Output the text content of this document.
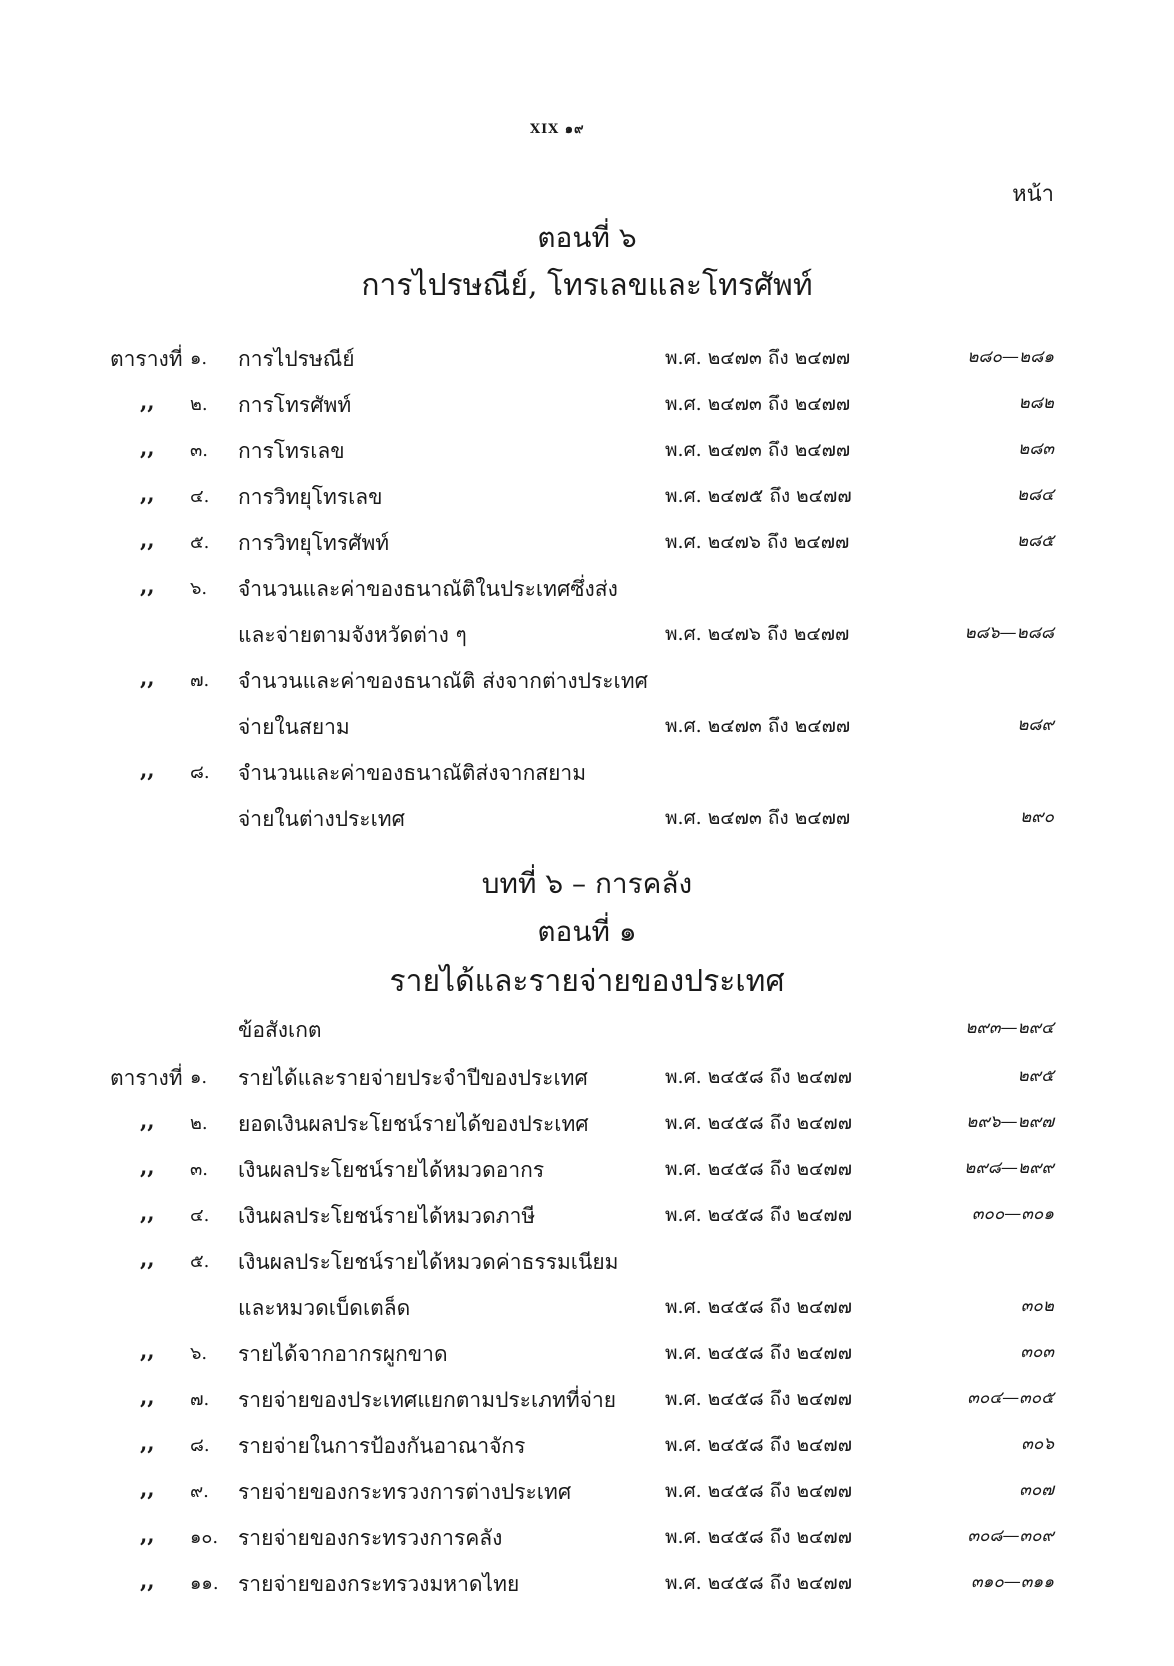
XIX ๑๙
หน้า
ตอนที่ ๖
การไปรษณีย์, โทรเลขและโทรศัพท์
ตารางที่ ๑. การไปรษณีย์	พ.ศ. ๒๔๗๓ ถึง ๒๔๗๗	๒๘๐—๒๘๑
,, ๒. การโทรศัพท์	พ.ศ. ๒๔๗๓ ถึง ๒๔๗๗	๒๘๒
,, ๓. การโทรเลข	พ.ศ. ๒๔๗๓ ถึง ๒๔๗๗	๒๘๓
,, ๔. การวิทยุโทรเลข	พ.ศ. ๒๔๗๕ ถึง ๒๔๗๗	๒๘๔
,, ๕. การวิทยุโทรศัพท์	พ.ศ. ๒๔๗๖ ถึง ๒๔๗๗	๒๘๕
,, ๖. จำนวนและค่าของธนาณัติในประเทศซึ่งส่ง
และจ่ายตามจังหวัดต่าง ๆ	พ.ศ. ๒๔๗๖ ถึง ๒๔๗๗	๒๘๖—๒๘๘
,, ๗. จำนวนและค่าของธนาณัติ ส่งจากต่างประเทศ
จ่ายในสยาม	พ.ศ. ๒๔๗๓ ถึง ๒๔๗๗	๒๘๙
,, ๘. จำนวนและค่าของธนาณัติส่งจากสยาม
จ่ายในต่างประเทศ	พ.ศ. ๒๔๗๓ ถึง ๒๔๗๗	๒๙๐
บทที่ ๖ – การคลัง
ตอนที่ ๑
รายได้และรายจ่ายของประเทศ
ข้อสังเกต	๒๙๓—๒๙๔
ตารางที่ ๑. รายได้และรายจ่ายประจำปีของประเทศ	พ.ศ. ๒๔๕๘ ถึง ๒๔๗๗	๒๙๕
,, ๒. ยอดเงินผลประโยชน์รายได้ของประเทศ	พ.ศ. ๒๔๕๘ ถึง ๒๔๗๗	๒๙๖—๒๙๗
,, ๓. เงินผลประโยชน์รายได้หมวดอากร	พ.ศ. ๒๔๕๘ ถึง ๒๔๗๗	๒๙๘—๒๙๙
,, ๔. เงินผลประโยชน์รายได้หมวดภาษี	พ.ศ. ๒๔๕๘ ถึง ๒๔๗๗	๓๐๐—๓๐๑
,, ๕. เงินผลประโยชน์รายได้หมวดค่าธรรมเนียม
และหมวดเบ็ดเตล็ด	พ.ศ. ๒๔๕๘ ถึง ๒๔๗๗	๓๐๒
,, ๖. รายได้จากอากรผูกขาด	พ.ศ. ๒๔๕๘ ถึง ๒๔๗๗	๓๐๓
,, ๗. รายจ่ายของประเทศแยกตามประเภทที่จ่าย	พ.ศ. ๒๔๕๘ ถึง ๒๔๗๗	๓๐๔—๓๐๕
,, ๘. รายจ่ายในการป้องกันอาณาจักร	พ.ศ. ๒๔๕๘ ถึง ๒๔๗๗	๓๐๖
,, ๙. รายจ่ายของกระทรวงการต่างประเทศ	พ.ศ. ๒๔๕๘ ถึง ๒๔๗๗	๓๐๗
,, ๑๐. รายจ่ายของกระทรวงการคลัง	พ.ศ. ๒๔๕๘ ถึง ๒๔๗๗	๓๐๘—๓๐๙
,, ๑๑. รายจ่ายของกระทรวงมหาดไทย	พ.ศ. ๒๔๕๘ ถึง ๒๔๗๗	๓๑๐—๓๑๑
